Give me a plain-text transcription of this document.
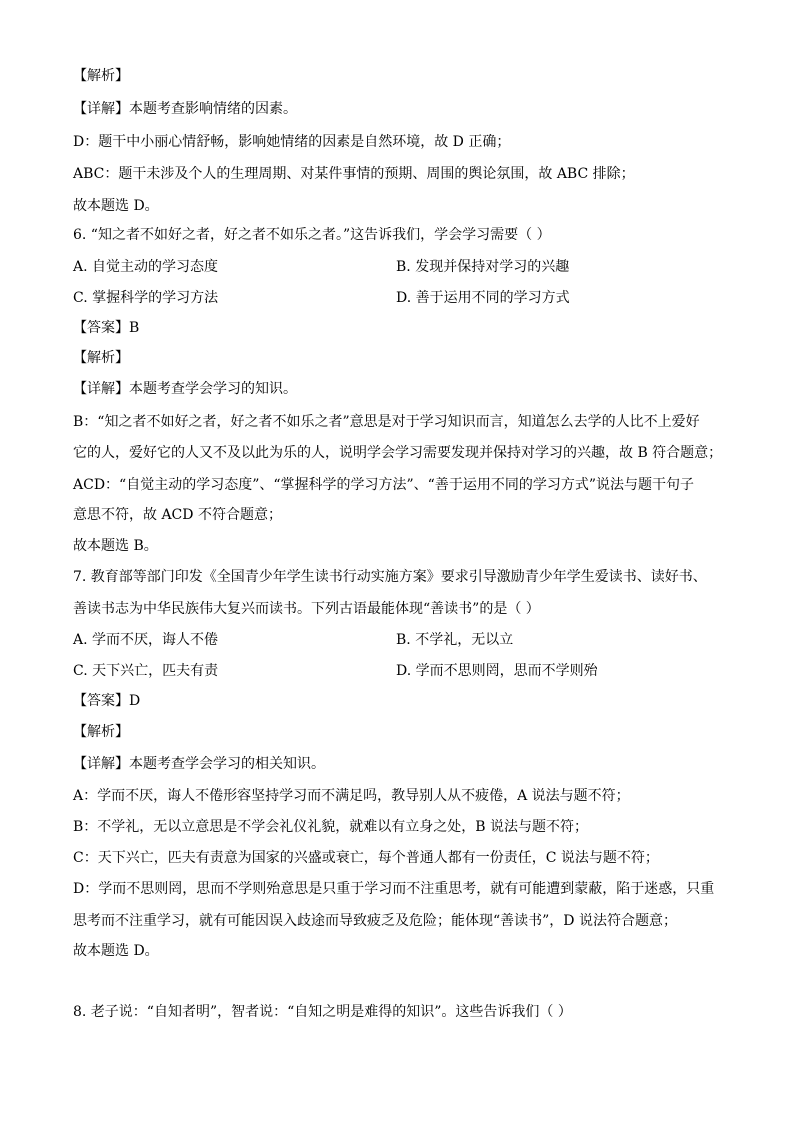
【解析】
【详解】本题考查影响情绪的因素。
D：题干中小丽心情舒畅，影响她情绪的因素是自然环境，故 D 正确；
ABC：题干未涉及个人的生理周期、对某件事情的预期、周围的舆论氛围，故 ABC 排除；
故本题选 D。
6. “知之者不如好之者，好之者不如乐之者。”这告诉我们，学会学习需要（ ）
A. 自觉主动的学习态度	B. 发现并保持对学习的兴趣
C. 掌握科学的学习方法	D. 善于运用不同的学习方式
【答案】B
【解析】
【详解】本题考查学会学习的知识。
B：“知之者不如好之者，好之者不如乐之者”意思是对于学习知识而言，知道怎么去学的人比不上爱好
它的人，爱好它的人又不及以此为乐的人，说明学会学习需要发现并保持对学习的兴趣，故 B 符合题意；
ACD：“自觉主动的学习态度”、“掌握科学的学习方法”、“善于运用不同的学习方式”说法与题干句子
意思不符，故 ACD 不符合题意；
故本题选 B。
7. 教育部等部门印发《全国青少年学生读书行动实施方案》要求引导激励青少年学生爱读书、读好书、
善读书志为中华民族伟大复兴而读书。下列古语最能体现“善读书”的是（ ）
A. 学而不厌，诲人不倦	B. 不学礼，无以立
C. 天下兴亡，匹夫有责	D. 学而不思则罔，思而不学则殆
【答案】D
【解析】
【详解】本题考查学会学习的相关知识。
A：学而不厌，诲人不倦形容坚持学习而不满足吗，教导别人从不疲倦，A 说法与题不符；
B：不学礼，无以立意思是不学会礼仪礼貌，就难以有立身之处，B 说法与题不符；
C：天下兴亡，匹夫有责意为国家的兴盛或衰亡，每个普通人都有一份责任，C 说法与题不符；
D：学而不思则罔，思而不学则殆意思是只重于学习而不注重思考，就有可能遭到蒙蔽，陷于迷惑，只重
思考而不注重学习，就有可能因误入歧途而导致疲乏及危险；能体现“善读书”，D 说法符合题意；
故本题选 D。
8. 老子说：“自知者明”，智者说：“自知之明是难得的知识”。这些告诉我们（ ）
